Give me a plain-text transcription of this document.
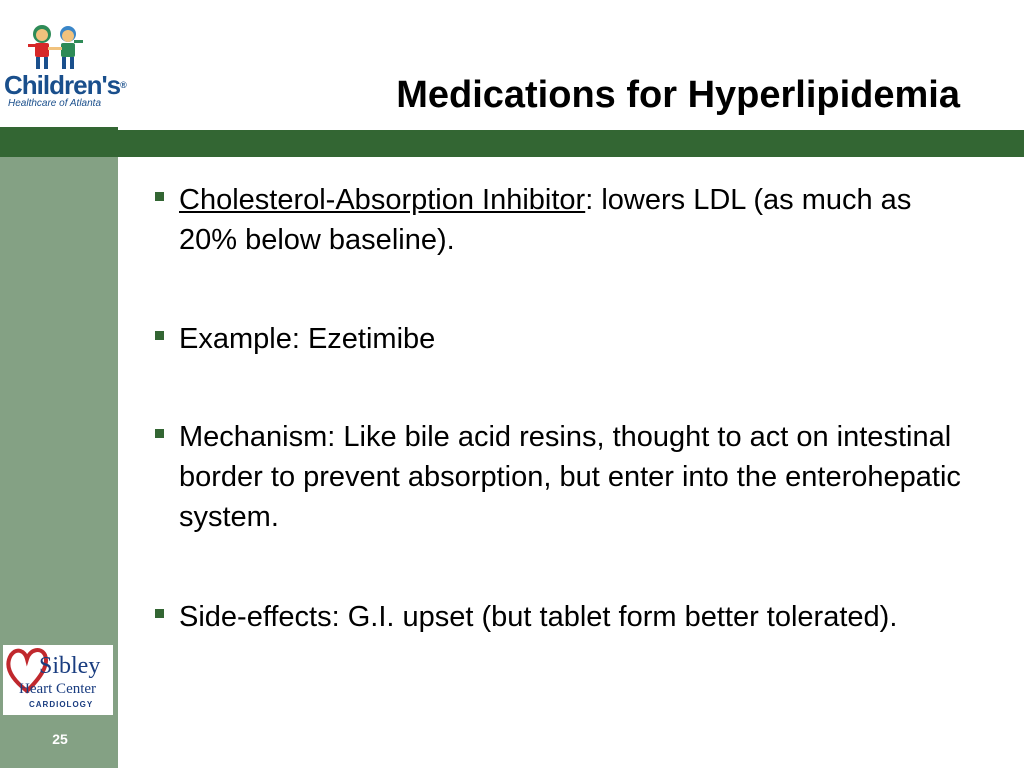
Children's®
Healthcare of Atlanta	Medications for Hyperlipidemia
Cholesterol-Absorption Inhibitor: lowers LDL (as much as 20% below baseline).
Example: Ezetimibe
Mechanism: Like bile acid resins, thought to act on intestinal border to prevent absorption, but enter into the enterohepatic system.
Side-effects: G.I. upset (but tablet form better tolerated).
Sibley
Heart Center
CARDIOLOGY
25
